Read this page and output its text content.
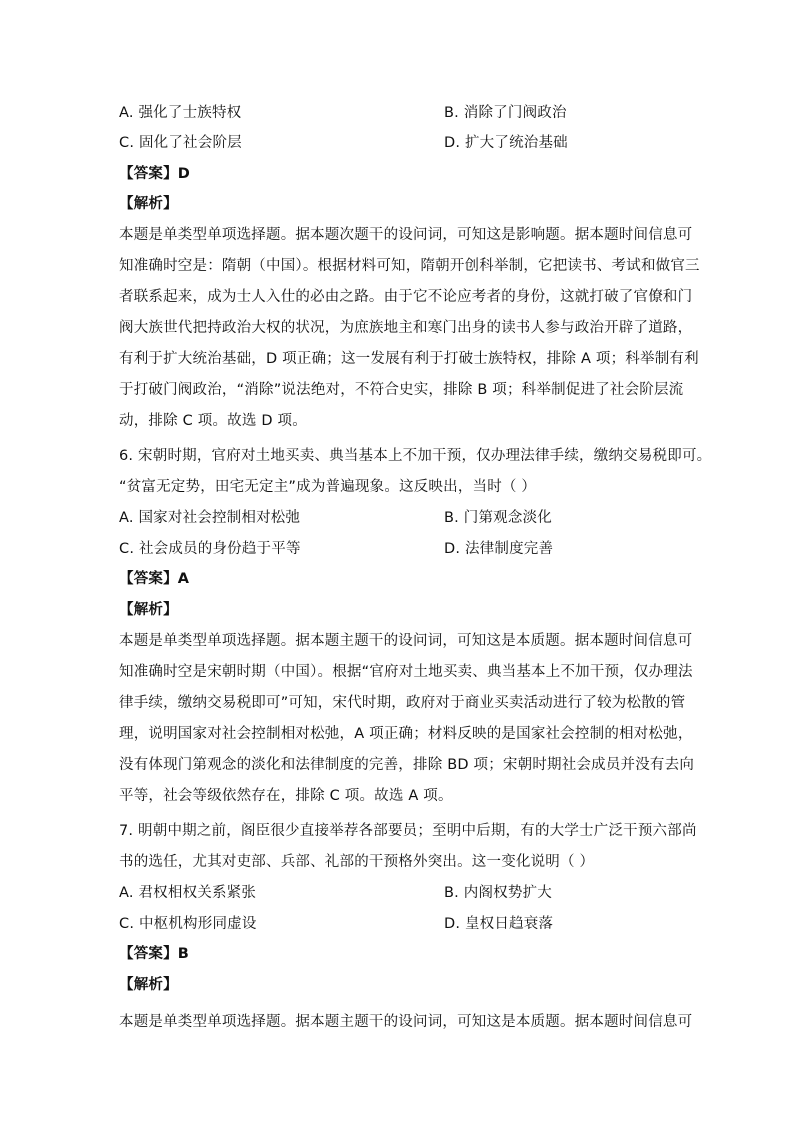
A. 强化了士族特权	B. 消除了门阀政治
C. 固化了社会阶层	D. 扩大了统治基础
【答案】D
【解析】
本题是单类型单项选择题。据本题次题干的设问词，可知这是影响题。据本题时间信息可
知准确时空是：隋朝（中国）。根据材料可知，隋朝开创科举制，它把读书、考试和做官三
者联系起来，成为士人入仕的必由之路。由于它不论应考者的身份，这就打破了官僚和门
阀大族世代把持政治大权的状况，为庶族地主和寒门出身的读书人参与政治开辟了道路，
有利于扩大统治基础，D 项正确；这一发展有利于打破士族特权，排除 A 项；科举制有利
于打破门阀政治，“消除”说法绝对，不符合史实，排除 B 项；科举制促进了社会阶层流
动，排除 C 项。故选 D 项。
6. 宋朝时期，官府对土地买卖、典当基本上不加干预，仅办理法律手续，缴纳交易税即可。
“贫富无定势，田宅无定主”成为普遍现象。这反映出，当时（ ）
A. 国家对社会控制相对松弛	B. 门第观念淡化
C. 社会成员的身份趋于平等	D. 法律制度完善
【答案】A
【解析】
本题是单类型单项选择题。据本题主题干的设问词，可知这是本质题。据本题时间信息可
知准确时空是宋朝时期（中国）。根据“官府对土地买卖、典当基本上不加干预，仅办理法
律手续，缴纳交易税即可”可知，宋代时期，政府对于商业买卖活动进行了较为松散的管
理，说明国家对社会控制相对松弛，A 项正确；材料反映的是国家社会控制的相对松弛，
没有体现门第观念的淡化和法律制度的完善，排除 BD 项；宋朝时期社会成员并没有去向
平等，社会等级依然存在，排除 C 项。故选 A 项。
7. 明朝中期之前，阁臣很少直接举荐各部要员；至明中后期，有的大学士广泛干预六部尚
书的选任，尤其对吏部、兵部、礼部的干预格外突出。这一变化说明（ ）
A. 君权相权关系紧张	B. 内阁权势扩大
C. 中枢机构形同虚设	D. 皇权日趋衰落
【答案】B
【解析】
本题是单类型单项选择题。据本题主题干的设问词，可知这是本质题。据本题时间信息可
